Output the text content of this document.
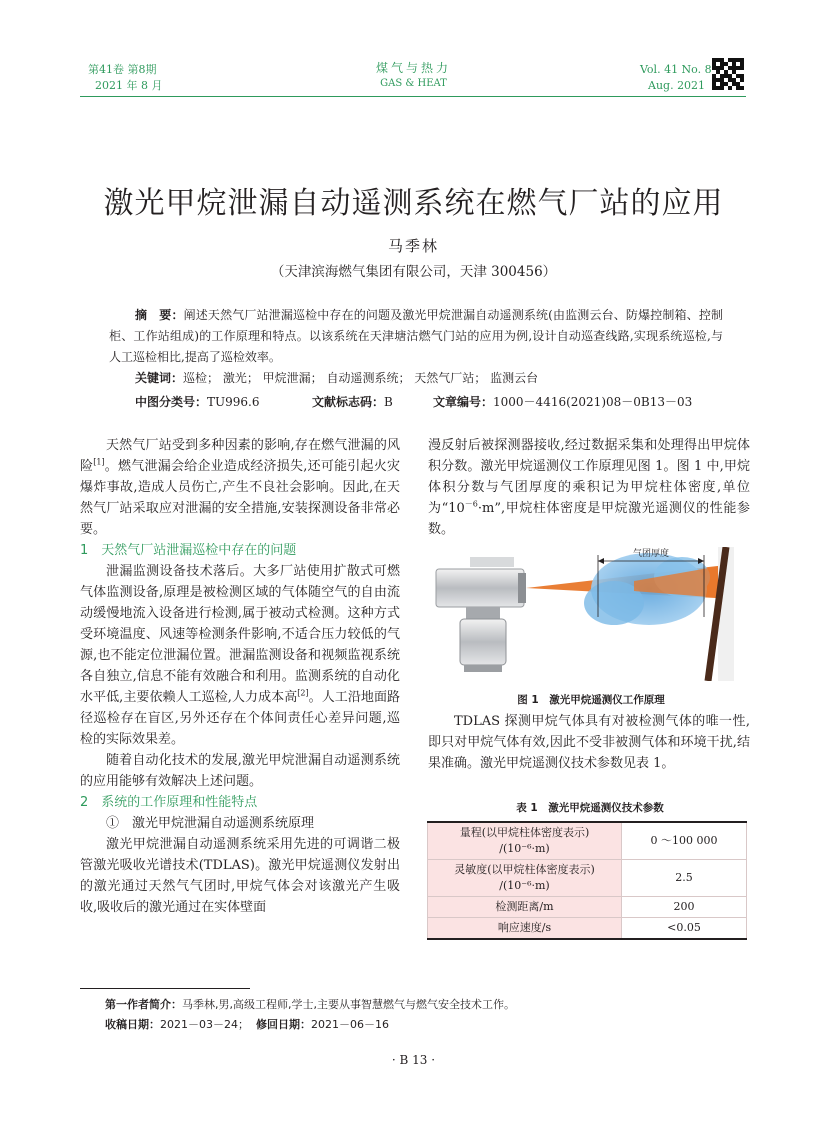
第41卷 第8期
2021 年 8 月
煤气与热力
GAS & HEAT
Vol. 41 No. 8
Aug. 2021
激光甲烷泄漏自动遥测系统在燃气厂站的应用
马季林
（天津滨海燃气集团有限公司，天津 300456）
摘　要：阐述天然气厂站泄漏巡检中存在的问题及激光甲烷泄漏自动遥测系统(由监测云台、防爆控制箱、控制柜、工作站组成)的工作原理和特点。以该系统在天津塘沽燃气门站的应用为例,设计自动巡查线路,实现系统巡检,与人工巡检相比,提高了巡检效率。
关键词：巡检； 激光； 甲烷泄漏； 自动遥测系统； 天然气厂站； 监测云台
中图分类号：TU996.6	文献标志码：B	文章编号：1000－4416(2021)08－0B13－03

天然气厂站受到多种因素的影响,存在燃气泄漏的风险[1]。燃气泄漏会给企业造成经济损失,还可能引起火灾爆炸事故,造成人员伤亡,产生不良社会影响。因此,在天然气厂站采取应对泄漏的安全措施,安装探测设备非常必要。

1　天然气厂站泄漏巡检中存在的问题

泄漏监测设备技术落后。大多厂站使用扩散式可燃气体监测设备,原理是被检测区域的气体随空气的自由流动缓慢地流入设备进行检测,属于被动式检测。这种方式受环境温度、风速等检测条件影响,不适合压力较低的气源,也不能定位泄漏位置。泄漏监测设备和视频监视系统各自独立,信息不能有效融合和利用。监测系统的自动化水平低,主要依赖人工巡检,人力成本高[2]。人工沿地面路径巡检存在盲区,另外还存在个体间责任心差异问题,巡检的实际效果差。

随着自动化技术的发展,激光甲烷泄漏自动遥测系统的应用能够有效解决上述问题。

2　系统的工作原理和性能特点

①　激光甲烷泄漏自动遥测系统原理

激光甲烷泄漏自动遥测系统采用先进的可调谐二极管激光吸收光谱技术(TDLAS)。激光甲烷遥测仪发射出的激光通过天然气气团时,甲烷气体会对该激光产生吸收,吸收后的激光通过在实体壁面

漫反射后被探测器接收,经过数据采集和处理得出甲烷体积分数。激光甲烷遥测仪工作原理见图 1。图 1 中,甲烷体积分数与气团厚度的乘积记为甲烷柱体密度,单位为“$10^{-6}\cdot m$”,甲烷柱体密度是甲烷激光遥测仪的性能参数。

气团厚度
图 1　激光甲烷遥测仪工作原理

TDLAS 探测甲烷气体具有对被检测气体的唯一性,即只对甲烷气体有效,因此不受非被测气体和环境干扰,结果准确。激光甲烷遥测仪技术参数见表 1。

表 1　激光甲烷遥测仪技术参数
量程(以甲烷柱体密度表示)
/(10⁻⁶·m)	0 ～100 000

灵敏度(以甲烷柱体密度表示)
/(10⁻⁶·m)	2.5
检测距离/m	200
响应速度/s	<0.05
第一作者简介：马季林,男,高级工程师,学士,主要从事智慧燃气与燃气安全技术工作。
收稿日期：2021－03－24； 修回日期：2021－06－16
· B 13 ·
